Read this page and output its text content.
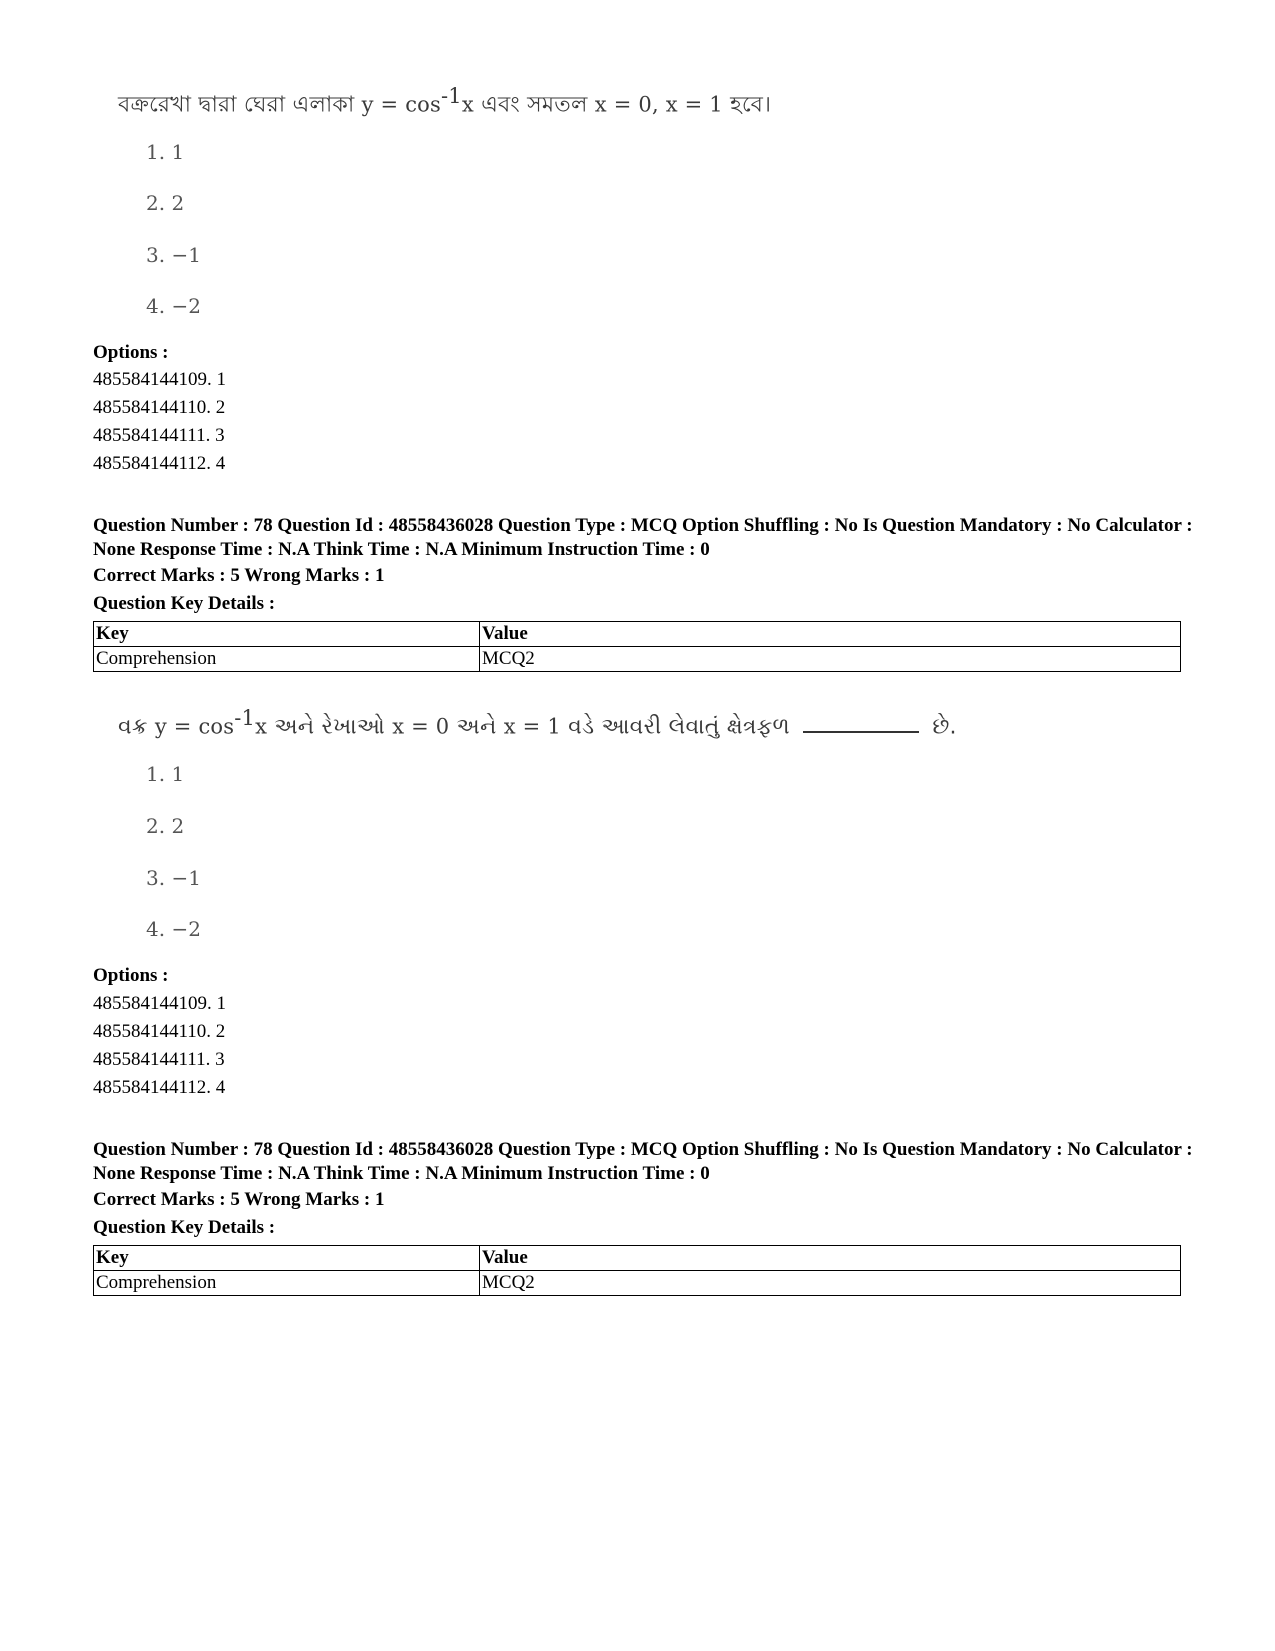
বক্ররেখা দ্বারা ঘেরা এলাকা $y = \cos^{-1}x$ এবং সমতল x = 0, x = 1 হবে।
1. 1
2. 2
3. −1
4. −2
Options :
485584144109. 1
485584144110. 2
485584144111. 3
485584144112. 4
Question Number : 78 Question Id : 48558436028 Question Type : MCQ Option Shuffling : No Is Question Mandatory : No Calculator : None Response Time : N.A Think Time : N.A Minimum Instruction Time : 0
Correct Marks : 5 Wrong Marks : 1
Question Key Details :
Key	Value
Comprehension	MCQ2
વક્ર $y = \cos^{-1}x$ અને રેખાઓ x = 0 અને x = 1 વડે આવરી લેવાતું ક્ષેત્રફળ	છે.
1. 1
2. 2
3. −1
4. −2
Options :
485584144109. 1
485584144110. 2
485584144111. 3
485584144112. 4
Question Number : 78 Question Id : 48558436028 Question Type : MCQ Option Shuffling : No Is Question Mandatory : No Calculator : None Response Time : N.A Think Time : N.A Minimum Instruction Time : 0
Correct Marks : 5 Wrong Marks : 1
Question Key Details :
Key	Value
Comprehension	MCQ2
